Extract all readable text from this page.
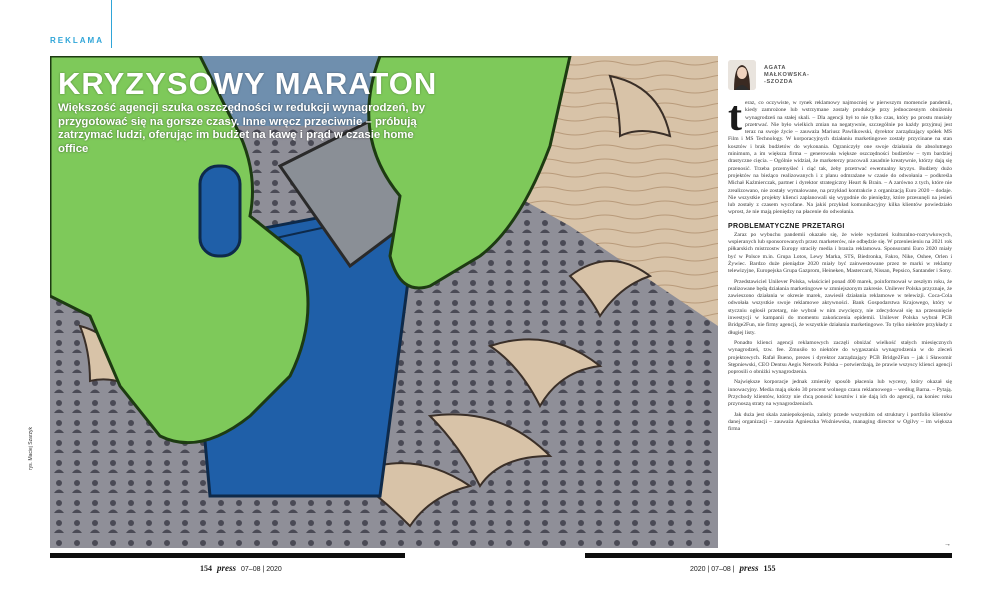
REKLAMA
KRYZYSOWY MARATON
Większość agencji szuka oszczędności w redukcji wynagrodzeń, by przygotować się na gorsze czasy. Inne wręcz przeciwnie – próbują zatrzymać ludzi, oferując im budżet na kawę i prąd w czasie home office
rys. Maciej Szarzyk
AGATA
MAŁKOWSKA-
-SZOZDA
t eraz, co oczywiste, w rynek reklamowy najmocniej w pierwszym momencie pandemii, kiedy zamrożone lub wstrzymane zostały produkcje przy jednoczesnym obniżeniu wynagrodzeń na stałej skali. – Dla agencji był to nie tylko czas, który po prostu musiały przetrwać. Nie było wielkich zmian na negatywnie, szczególnie po każdy przyjmuj jest teraz na swoje życie – zauważa Mariusz Pawlikowski, dyrektor zarządzający spółek MS Film i MS Technology. W korporacyjnych działaniu marketingowe zostały przycinane na stan kosztów i brak budżetów do wykonania. Ograniczyły one swoje działania do absolutnego minimum, a im większa firma – generowała większe oszczędności budżetów – tym bardziej drastyczne cięcia. – Ogólnie widział, że marketerzy pracowali zasadnie kreatywnie, którzy dają się przenosić. Trzeba przemyśleć i ciąć tak, żeby przetrwać ewentualny kryzys. Budżety dużo projektów na bieżąco realizowanych i z planu odmrażane w czasie do odwołania – podkreśla Michał Kaźmierczak, partner i dyrektor strategiczny Heart & Brain. – A zarówno z tych, które nie zrealizowano, nie zostały wymalowane, na przykład kontrakcie z organizacją Euro 2020 – dodaje. Nie wszystkie projekty klienci zaplanowali się wygodnie do pieniędzy, które przesunęli na jesień lub zostały z czasem wycofane. Na jakiś przykład komunikacyjny kilka klientów powiedziało wprost, że nie mają pieniędzy na płacenie do odwołania.

PROBLEMATYCZNE PRZETARGI

Zaraz po wybuchu pandemii okazało się, że wiele wydarzeń kulturalno-rozrywkowych, wspieranych lub sponsorowanych przez marketerów, nie odbędzie się. W przeniesieniu na 2021 rok piłkarskich mistrzostw Europy straciły media i branża reklamowa. Sponsorami Euro 2020 miały być w Polsce m.in. Grupa Lotos, Lewy Marka, STS, Biedronka, Fakro, Nike, Oshee, Orlen i Żywiec. Bardzo duże pieniądze 2020 miały być zainwestowane przez te marki w reklamy telewizyjne, Europejska Grupa Gazprom, Heineken, Mastercard, Nissan, Pepsico, Santander i Sony.

Przedstawiciel Unilever Polska, właściciel ponad 400 marek, poinformował w zeszłym roku, że realizowane będą działania marketingowe w zmniejszonym zakresie. Unilever Polska przyznaje, że zawieszono działania w okresie marek, zawiesił działania reklamowe w telewizji. Coca-Cola odwołała wszystkie swoje reklamowe aktywności. Bank Gospodarstwa Krajowego, który w styczniu ogłosił przetarg, nie wybrał w nim zwycięzcy, nie zdecydował się na przesunięcie inwestycji w kampanii do momentu zakończenia epidemii. Unilever Polska wybrał PCB Bridge2Fun, nie firmy agencji, że wszystkie działania marketingowe. To tylko niektóre przykłady z długiej listy.

Ponadto klienci agencji reklamowych zaczęli obniżać wielkość stałych miesięcznych wynagrodzeń, tzw. fee. Zmusiło to niektóre do wygaszania wynagrodzenia w do zleceń projektowych. Rafał Bueno, prezes i dyrektor zarządzający PCB Bridge2Fun – jak i Sławomir Stępniewski, CEO Dentsu Aegis Network Polska – potwierdzają, że prawie wszyscy klienci agencji poprosili o obniżki wynagrodzenia.

Największe korporacje jednak zmieniły sposób płacenia lub wyceny, który okazał się innowacyjny. Media mają około 30 procent wolnego czasu reklamowego – według Barna. – Pytają. Przychody klientów, którzy nie chcą ponosić kosztów i nie dają ich do agencji, na koniec roku przynoszą straty na wynagrodzeniach.

Jak duża jest skala zaniepokojenia, zależy przede wszystkim od struktury i portfolio klientów danej organizacji – zauważa Agnieszka Woźniewska, managing director w Ogilvy – im większa firma

→
154 press 07–08 | 2020	2020 | 07–08 | press 155
